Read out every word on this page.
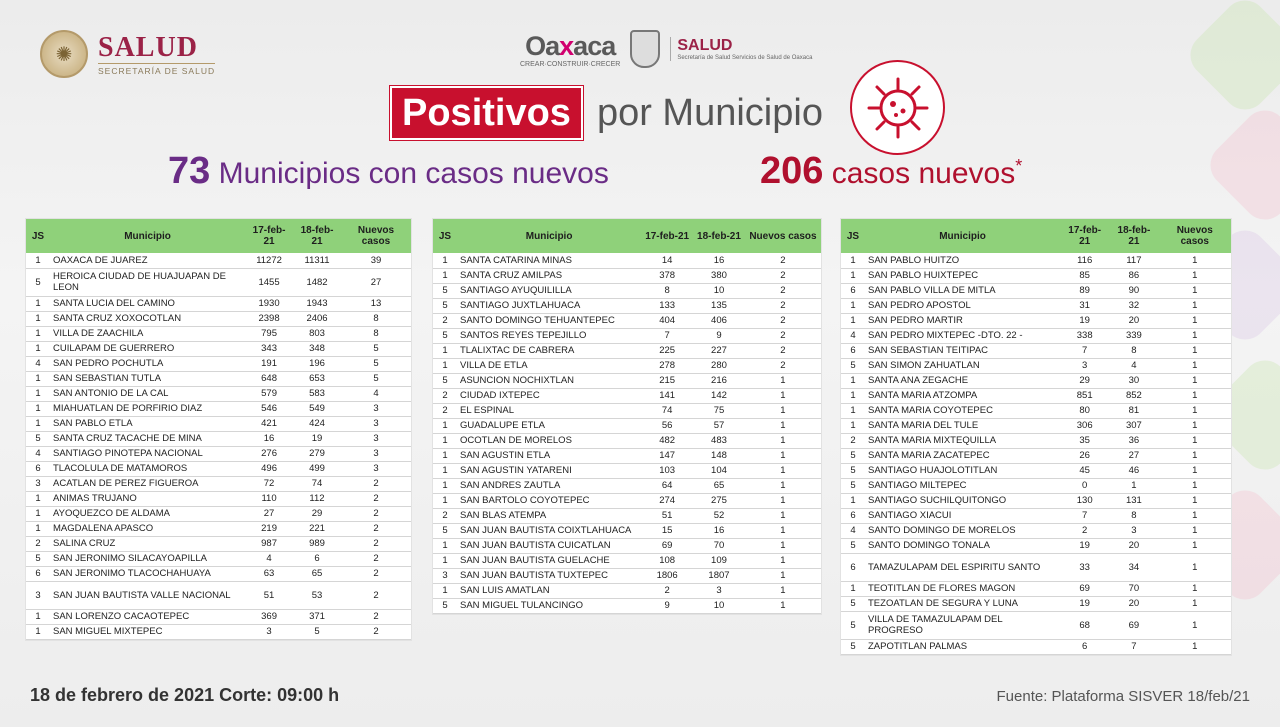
✺ SALUD
SECRETARÍA DE SALUD
Oaxaca
CREAR·CONSTRUIR·CRECER
SALUD
Secretaría de Salud Servicios de Salud de Oaxaca
Positivos por Municipio
73 Municipios con casos nuevos	206 casos nuevos*
JS	Municipio	17-feb-21	18-feb-21	Nuevos casos
1	OAXACA DE JUAREZ	11272	11311	39
5	HEROICA CIUDAD DE HUAJUAPAN DE LEON	1455	1482	27
1	SANTA LUCIA DEL CAMINO	1930	1943	13
1	SANTA CRUZ XOXOCOTLAN	2398	2406	8
1	VILLA DE ZAACHILA	795	803	8
1	CUILAPAM DE GUERRERO	343	348	5
4	SAN PEDRO POCHUTLA	191	196	5
1	SAN SEBASTIAN TUTLA	648	653	5
1	SAN ANTONIO DE LA CAL	579	583	4
1	MIAHUATLAN DE PORFIRIO DIAZ	546	549	3
1	SAN PABLO ETLA	421	424	3
5	SANTA CRUZ TACACHE DE MINA	16	19	3
4	SANTIAGO PINOTEPA NACIONAL	276	279	3
6	TLACOLULA DE MATAMOROS	496	499	3
3	ACATLAN DE PEREZ FIGUEROA	72	74	2
1	ANIMAS TRUJANO	110	112	2
1	AYOQUEZCO DE ALDAMA	27	29	2
1	MAGDALENA APASCO	219	221	2
2	SALINA CRUZ	987	989	2
5	SAN JERONIMO SILACAYOAPILLA	4	6	2
6	SAN JERONIMO TLACOCHAHUAYA	63	65	2
3	SAN JUAN BAUTISTA VALLE NACIONAL	51	53	2
1	SAN LORENZO CACAOTEPEC	369	371	2
1	SAN MIGUEL MIXTEPEC	3	5	2
JS	Municipio	17-feb-21	18-feb-21	Nuevos casos
1	SANTA CATARINA MINAS	14	16	2
1	SANTA CRUZ AMILPAS	378	380	2
5	SANTIAGO AYUQUILILLA	8	10	2
5	SANTIAGO JUXTLAHUACA	133	135	2
2	SANTO DOMINGO TEHUANTEPEC	404	406	2
5	SANTOS REYES TEPEJILLO	7	9	2
1	TLALIXTAC DE CABRERA	225	227	2
1	VILLA DE ETLA	278	280	2
5	ASUNCION NOCHIXTLAN	215	216	1
2	CIUDAD IXTEPEC	141	142	1
2	EL ESPINAL	74	75	1
1	GUADALUPE ETLA	56	57	1
1	OCOTLAN DE MORELOS	482	483	1
1	SAN AGUSTIN ETLA	147	148	1
1	SAN AGUSTIN YATARENI	103	104	1
1	SAN ANDRES ZAUTLA	64	65	1
1	SAN BARTOLO COYOTEPEC	274	275	1
2	SAN BLAS ATEMPA	51	52	1
5	SAN JUAN BAUTISTA COIXTLAHUACA	15	16	1
1	SAN JUAN BAUTISTA CUICATLAN	69	70	1
1	SAN JUAN BAUTISTA GUELACHE	108	109	1
3	SAN JUAN BAUTISTA TUXTEPEC	1806	1807	1
1	SAN LUIS AMATLAN	2	3	1
5	SAN MIGUEL TULANCINGO	9	10	1
JS	Municipio	17-feb-21	18-feb-21	Nuevos casos
1	SAN PABLO HUITZO	116	117	1
1	SAN PABLO HUIXTEPEC	85	86	1
6	SAN PABLO VILLA DE MITLA	89	90	1
1	SAN PEDRO APOSTOL	31	32	1
1	SAN PEDRO MARTIR	19	20	1
4	SAN PEDRO MIXTEPEC -DTO. 22 -	338	339	1
6	SAN SEBASTIAN TEITIPAC	7	8	1
5	SAN SIMON ZAHUATLAN	3	4	1
1	SANTA ANA ZEGACHE	29	30	1
1	SANTA MARIA ATZOMPA	851	852	1
1	SANTA MARIA COYOTEPEC	80	81	1
1	SANTA MARIA DEL TULE	306	307	1
2	SANTA MARIA MIXTEQUILLA	35	36	1
5	SANTA MARIA ZACATEPEC	26	27	1
5	SANTIAGO HUAJOLOTITLAN	45	46	1
5	SANTIAGO MILTEPEC	0	1	1
1	SANTIAGO SUCHILQUITONGO	130	131	1
6	SANTIAGO XIACUI	7	8	1
4	SANTO DOMINGO DE MORELOS	2	3	1
5	SANTO DOMINGO TONALA	19	20	1
6	TAMAZULAPAM DEL ESPIRITU SANTO	33	34	1
1	TEOTITLAN DE FLORES MAGON	69	70	1
5	TEZOATLAN DE SEGURA Y LUNA	19	20	1
5	VILLA DE TAMAZULAPAM DEL PROGRESO	68	69	1
5	ZAPOTITLAN PALMAS	6	7	1
18 de febrero de 2021 Corte: 09:00 h	Fuente: Plataforma SISVER 18/feb/21
